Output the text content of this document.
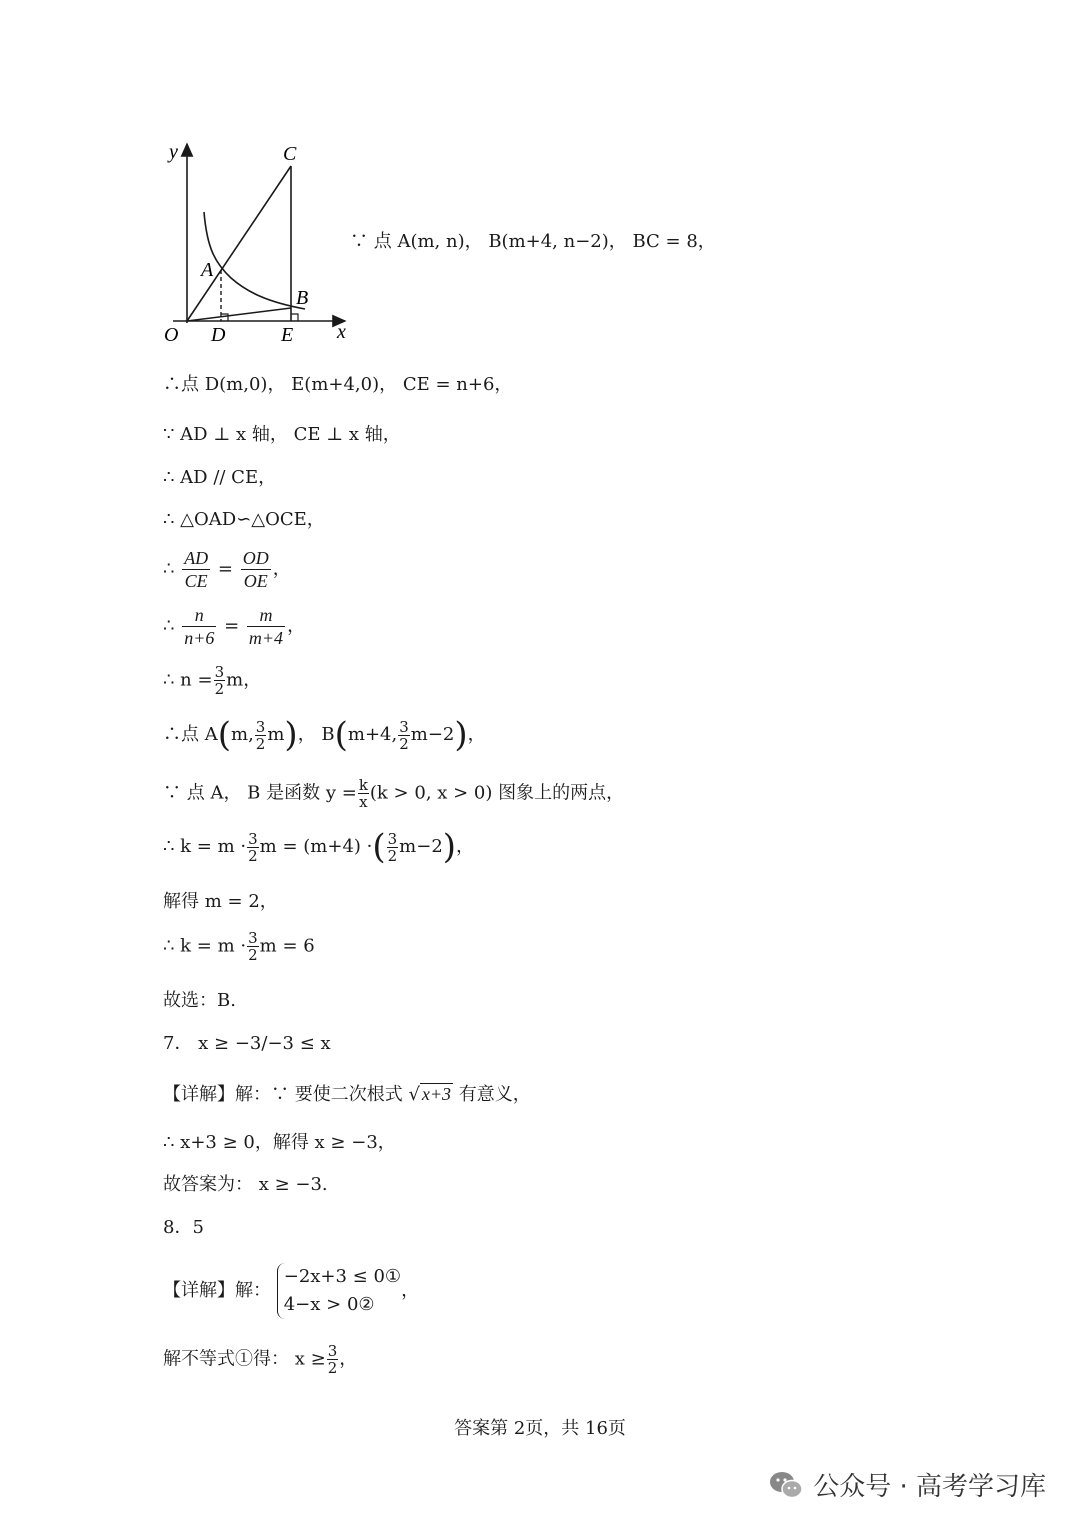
y
x
O
A
B
C
D	E
∵ 点 A(m, n)， B(m+4, n−2)， BC = 8，
∴点 D(m,0)， E(m+4,0)， CE = n+6，
∵ AD ⊥ x 轴， CE ⊥ x 轴，
∴ AD // CE，
∴ △OAD∽△OCE，
∴ $\frac{AD}{CE} = \frac{OD}{OE}$ ，
∴ $\frac{n}{n+6} = \frac{m}{m+4}$ ，
∴ $n = \frac{3}{2}$ m，
∴点 A(m, $\frac{3}{2} m$)， B(m+4, $\frac{3}{2} m-2$)，
∵ 点 A， B 是函数 $y = \frac{k}{x} (k > 0$, x > 0) 图象上的两点，
∴ $k = m \cdot \frac{3}{2}$ m = (m+4) ·( $\frac{3}{2} m-2$)，
解得 m = 2，
∴ $k = m \cdot \frac{3}{2}$ m = 6
故选：B.
7． x ≥ −3/−3 ≤ x
【详解】解：∵ 要使二次根式 √ x+3 有意义，
∴ x+3 ≥ 0，解得 x ≥ −3，
故答案为： x ≥ −3.
8．5
【详解】解：
−2x+3 ≤ 0①
4−x > 0②
，
解不等式①得： $x \ge \frac{3}{2}$ ，
答案第 2页，共 16页
公众号 · 高考学习库
